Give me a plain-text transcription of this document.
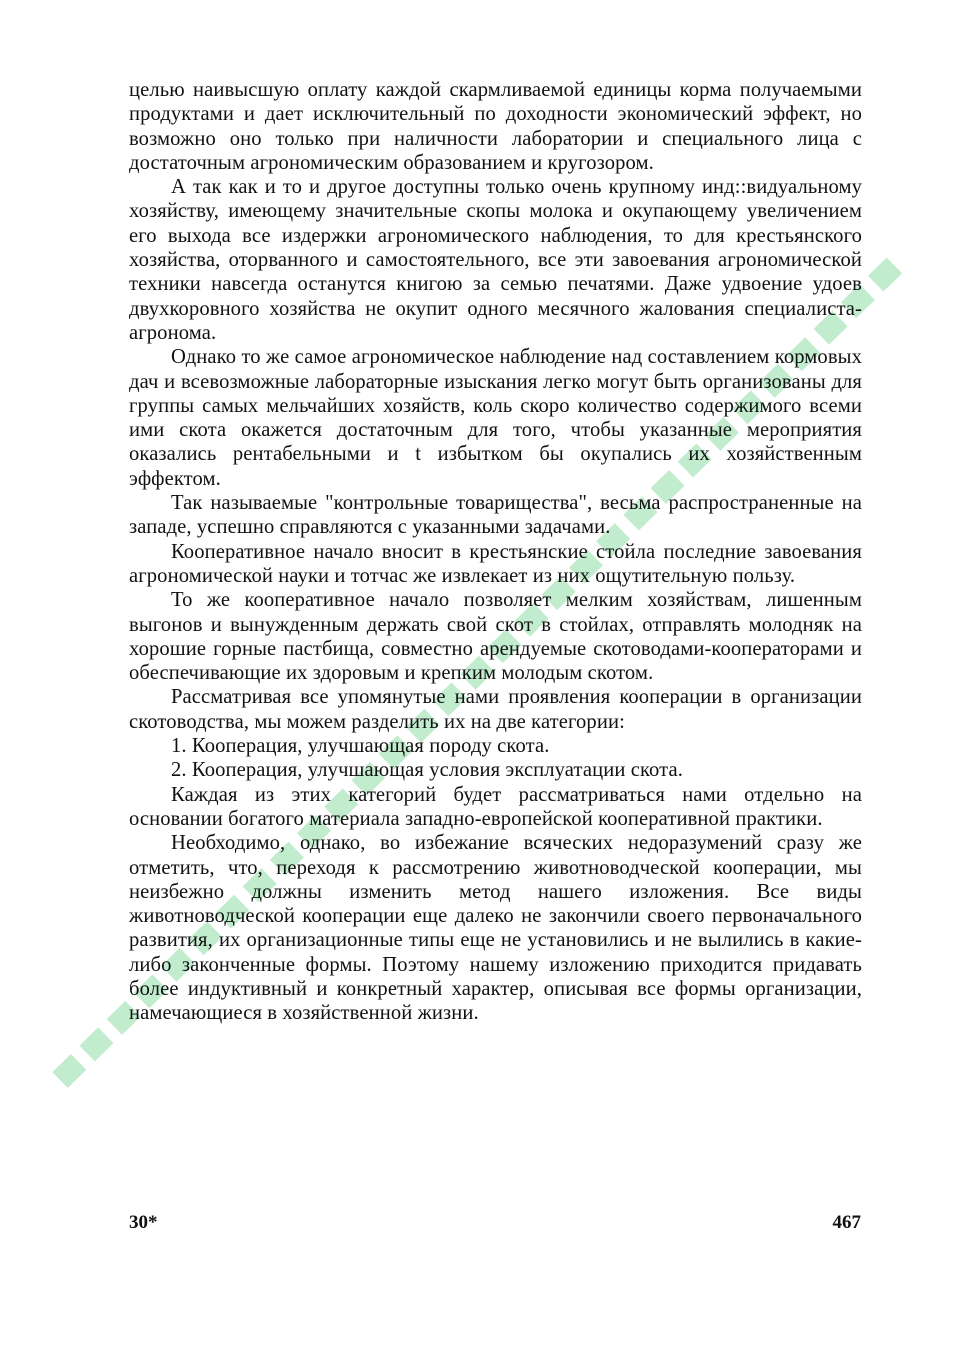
целью наивысшую оплату каждой скармливаемой единицы корма получаемыми продуктами и дает исключительный по доходности экономический эффект, но возможно оно только при наличности лаборатории и специального лица с достаточным агрономическим образованием и кругозором.

А так как и то и другое доступны только очень крупному инд::видуальному хозяйству, имеющему значительные скопы молока и окупающему увеличением его выхода все издержки агрономического наблюдения, то для крестьянского хозяйства, оторванного и самостоятельного, все эти завоевания агрономической техники навсегда останутся книгою за семью печатями. Даже удвоение удоев двухкоровного хозяйства не окупит одного месячного жалования специалиста-агронома.

Однако то же самое агрономическое наблюдение над составлением кормовых дач и всевозможные лабораторные изыскания легко могут быть организованы для группы самых мельчайших хозяйств, коль скоро количество содержимого всеми ими скота окажется достаточным для того, чтобы указанные мероприятия оказались рентабельными и t избытком бы окупались их хозяйственным эффектом.

Так называемые "контрольные товарищества", весьма распространенные на западе, успешно справляются с указанными задачами.

Кооперативное начало вносит в крестьянские стойла последние завоевания агрономической науки и тотчас же извлекает из них ощутительную пользу.

То же кооперативное начало позволяет мелким хозяйствам, лишенным выгонов и вынужденным держать свой скот в стойлах, отправлять молодняк на хорошие горные пастбища, совместно арендуемые скотоводами-кооператорами и обеспечивающие их здоровым и крепким молодым скотом.

Рассматривая все упомянутые нами проявления кооперации в организации скотоводства, мы можем разделить их на две категории:

1. Кооперация, улучшающая породу скота.

2. Кооперация, улучшающая условия эксплуатации скота.

Каждая из этих категорий будет рассматриваться нами отдельно на основании богатого материала западно-европейской кооперативной практики.

Необходимо, однако, во избежание всяческих недоразумений сразу же отметить, что, переходя к рассмотрению животноводческой кооперации, мы неизбежно должны изменить метод нашего изложения. Все виды животноводческой кооперации еще далеко не закончили своего первоначального развития, их организационные типы еще не установились и не вылились в какие-либо законченные формы. Поэтому нашему изложению приходится придавать более индуктивный и конкретный характер, описывая все формы организации, намечающиеся в хозяйственной жизни.

30*	467
